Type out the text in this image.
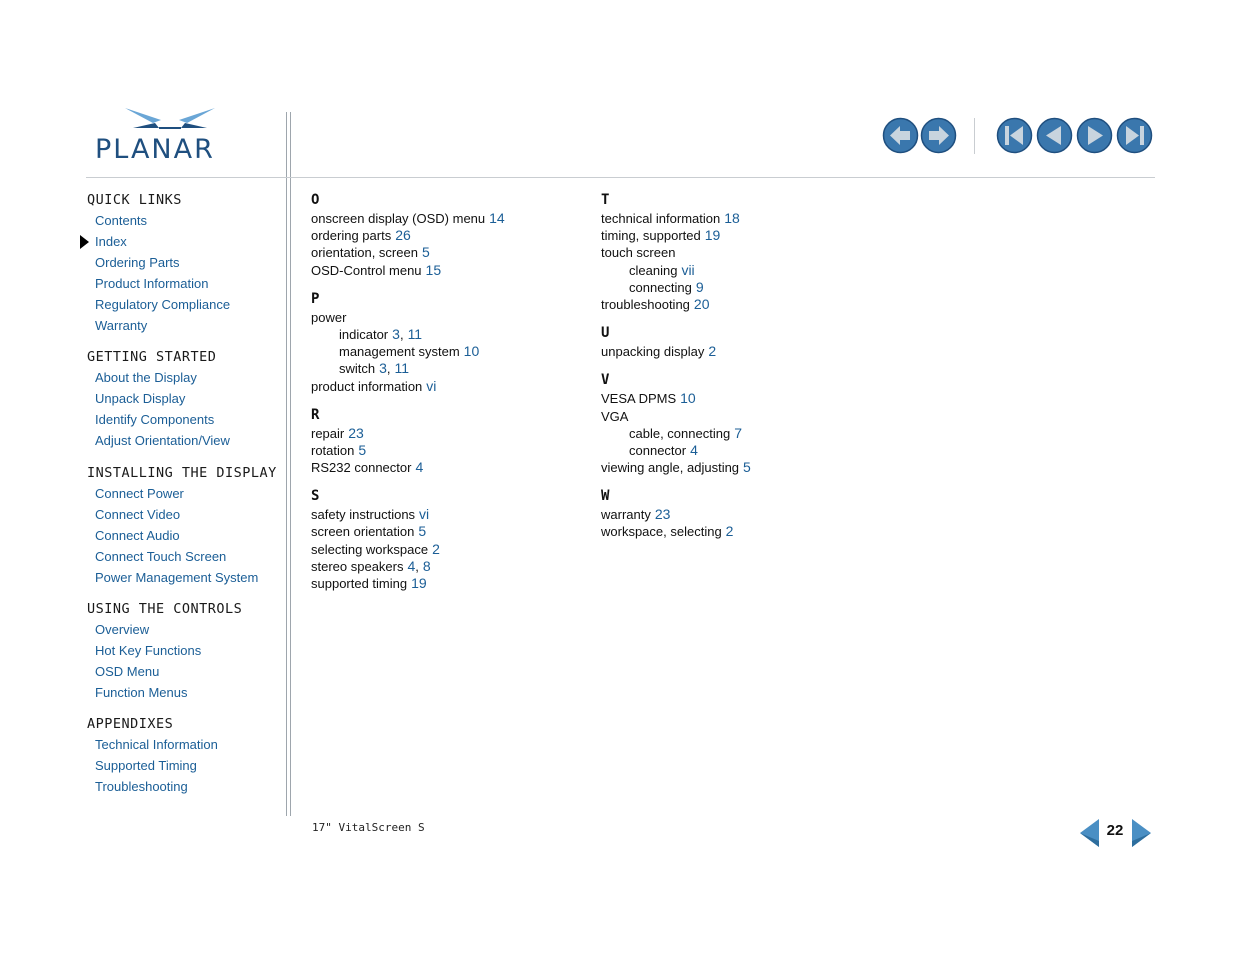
PLANAR
QUICK LINKS
Contents
Index
Ordering Parts
Product Information
Regulatory Compliance
Warranty
GETTING STARTED
About the Display
Unpack Display
Identify Components
Adjust Orientation/View
INSTALLING THE DISPLAY
Connect Power
Connect Video
Connect Audio
Connect Touch Screen
Power Management System
USING THE CONTROLS
Overview
Hot Key Functions
OSD Menu
Function Menus
APPENDIXES
Technical Information
Supported Timing
Troubleshooting
O
onscreen display (OSD) menu 14
ordering parts 26
orientation, screen 5
OSD-Control menu 15
P
power
indicator 3, 11
management system 10
switch 3, 11
product information vi
R
repair 23
rotation 5
RS232 connector 4
S
safety instructions vi
screen orientation 5
selecting workspace 2
stereo speakers 4, 8
supported timing 19
T
technical information 18
timing, supported 19
touch screen
cleaning vii
connecting 9
troubleshooting 20
U
unpacking display 2
V
VESA DPMS 10
VGA
cable, connecting 7
connector 4
viewing angle, adjusting 5
W
warranty 23
workspace, selecting 2
17" VitalScreen S	22
